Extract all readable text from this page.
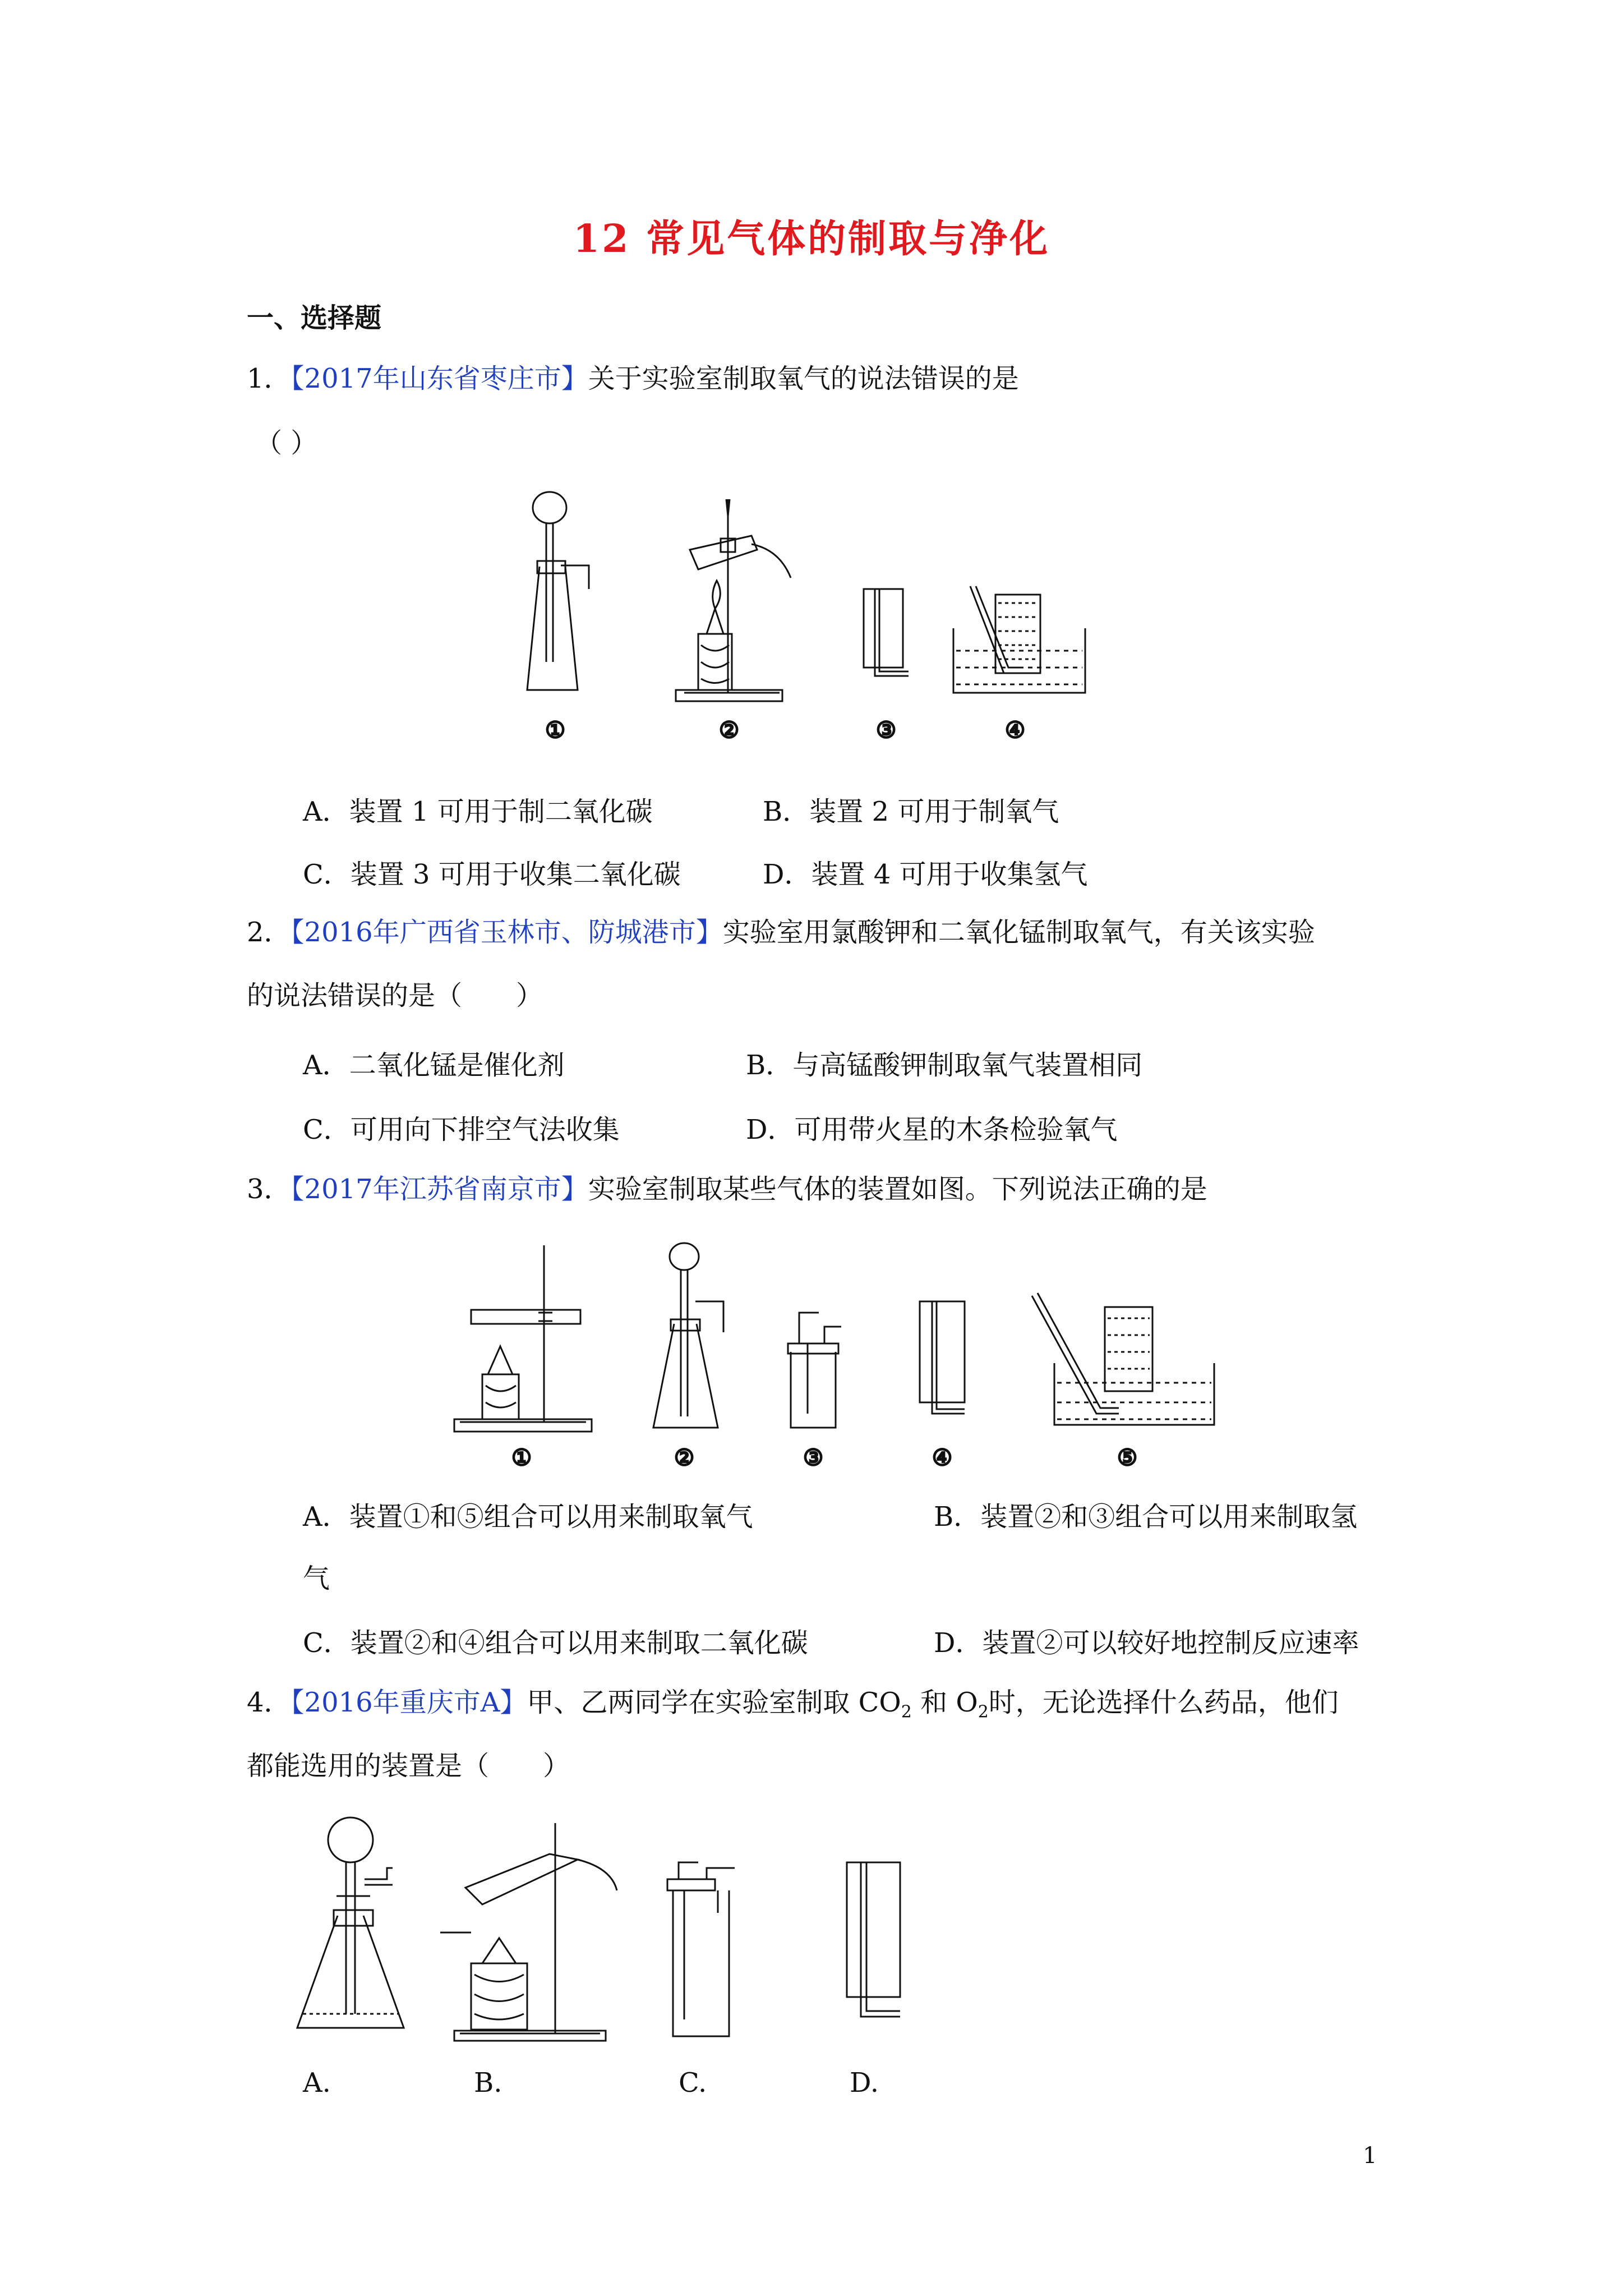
12 常见气体的制取与净化
一、选择题
1．【2017年山东省枣庄市】关于实验室制取氧气的说法错误的是
（ ）
①	②	③	④
A．装置 1 可用于制二氧化碳	B．装置 2 可用于制氧气
C．装置 3 可用于收集二氧化碳	D．装置 4 可用于收集氢气
2．【2016年广西省玉林市、防城港市】实验室用氯酸钾和二氧化锰制取氧气，有关该实验
的说法错误的是（　　）
A．二氧化锰是催化剂	B．与高锰酸钾制取氧气装置相同
C．可用向下排空气法收集	D．可用带火星的木条检验氧气
3．【2017年江苏省南京市】实验室制取某些气体的装置如图。下列说法正确的是
①	②	③	④	⑤
A．装置①和⑤组合可以用来制取氧气	B．装置②和③组合可以用来制取氢
气
C．装置②和④组合可以用来制取二氧化碳	D．装置②可以较好地控制反应速率
4．【2016年重庆市A】甲、乙两同学在实验室制取 $CO_2$ 和 $O_2$时，无论选择什么药品，他们
都能选用的装置是（　　）
A.	B.	C.	D.
1
